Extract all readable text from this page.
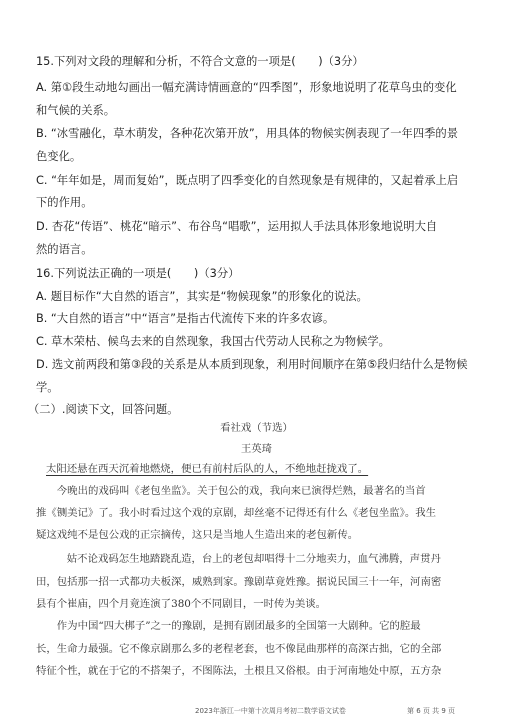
15.下列对文段的理解和分析，不符合文意的一项是(　　)（3分）
A. 第①段生动地勾画出一幅充满诗情画意的“四季图”，形象地说明了花草鸟虫的变化
和气候的关系。
B. “冰雪融化，草木萌发，各种花次第开放”，用具体的物候实例表现了一年四季的景
色变化。
C. “年年如是，周而复始”，既点明了四季变化的自然现象是有规律的，又起着承上启
下的作用。
D. 杏花“传语”、桃花“暗示”、布谷鸟“唱歌”，运用拟人手法具体形象地说明大自
然的语言。
16.下列说法正确的一项是(　　)（3分）
A. 题目标作“大自然的语言”，其实是“物候现象”的形象化的说法。
B. “大自然的语言”中“语言”是指古代流传下来的许多农谚。
C. 草木荣枯、候鸟去来的自然现象，我国古代劳动人民称之为物候学。
D. 选文前两段和第③段的关系是从本质到现象，利用时间顺序在第⑤段归结什么是物候
学。
（二）.阅读下文，回答问题。
看社戏（节选）
王英琦
太阳还悬在西天沉着地燃烧，便已有前村后队的人，不绝地赶拢戏了。
今晚出的戏码叫《老包坐监》。关于包公的戏，我向来已演得烂熟，最著名的当首
推《铡美记》了。我小时看过这个戏的京剧，却丝毫不记得还有什么《老包坐监》。我生
疑这戏纯不是包公戏的正宗摘传，这只是当地人生造出来的老包新传。
姑不论戏码怎生地踏跷乱造，台上的老包却唱得十二分地卖力，血气沸腾，声贯丹
田，包括那一招一式都功夫板深，威熟到家。豫剧草竟姓豫。据说民国三十一年，河南密
县有个崔庙，四个月竟连演了380个不同剧目，一时传为美谈。
作为中国“四大梆子”之一的豫剧，是拥有剧团最多的全国第一大剧种。它的腔最
长，生命力最强。它不像京剧那么多的老程老套，也不像昆曲那样的高深古拙，它的全部
特征个性，就在于它的不搭架子，不图陈法，土根且又俗根。由于河南地处中原，五方杂
2023年浙江一中第十次周月考初二数学语文试卷	第 6 页 共 9 页
